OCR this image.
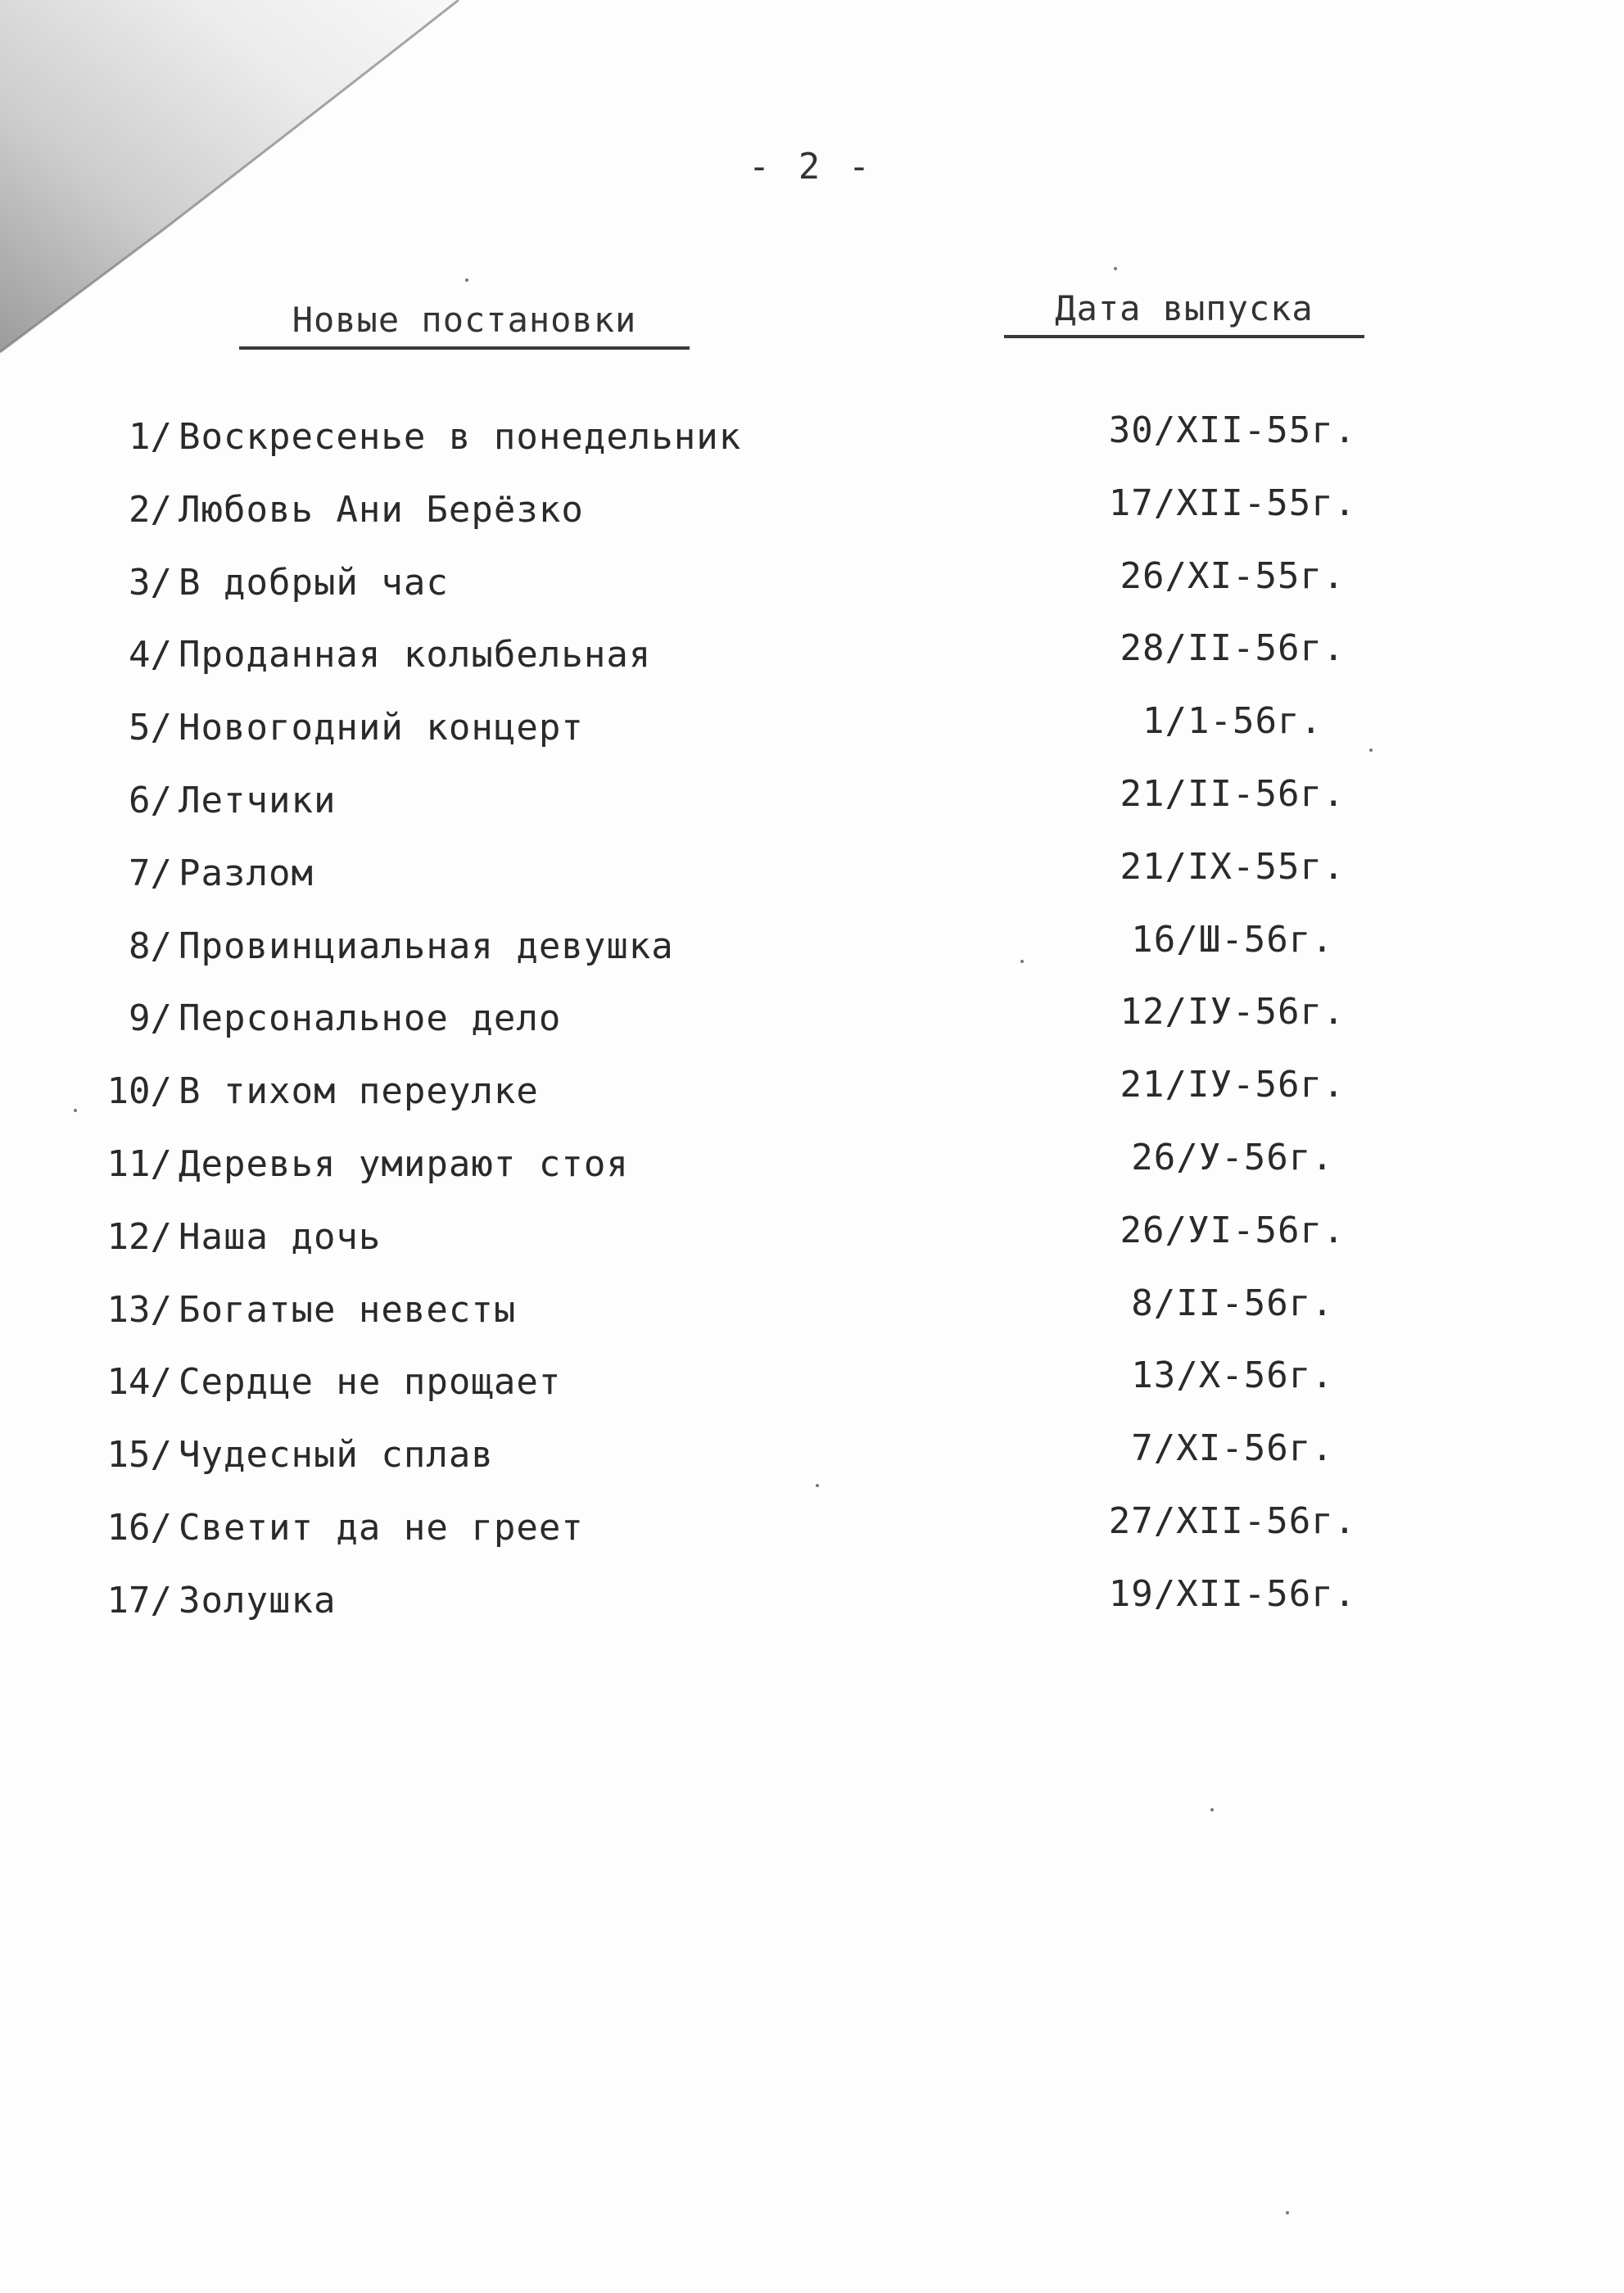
- 2 -
Новые постановки	Дата выпуска
1/ Воскресенье в понедельник	30/XII-55г.
2/ Любовь Ани Берёзко	17/XII-55г.
3/ В добрый час	26/XI-55г.
4/ Проданная колыбельная	28/II-56г.
5/ Новогодний концерт	1/1-56г.
6/ Летчики	21/II-56г.
7/ Разлом	21/IX-55г.
8/ Провинциальная девушка	16/Ш-56г.
9/ Персональное дело	12/IУ-56г.
10/ В тихом переулке	21/IУ-56г.
11/ Деревья умирают стоя	26/У-56г.
12/ Наша дочь	26/УI-56г.
13/ Богатые невесты	8/II-56г.
14/ Сердце не прощает	13/X-56г.
15/ Чудесный сплав	7/XI-56г.
16/ Светит да не греет	27/XII-56г.
17/ Золушка	19/XII-56г.
